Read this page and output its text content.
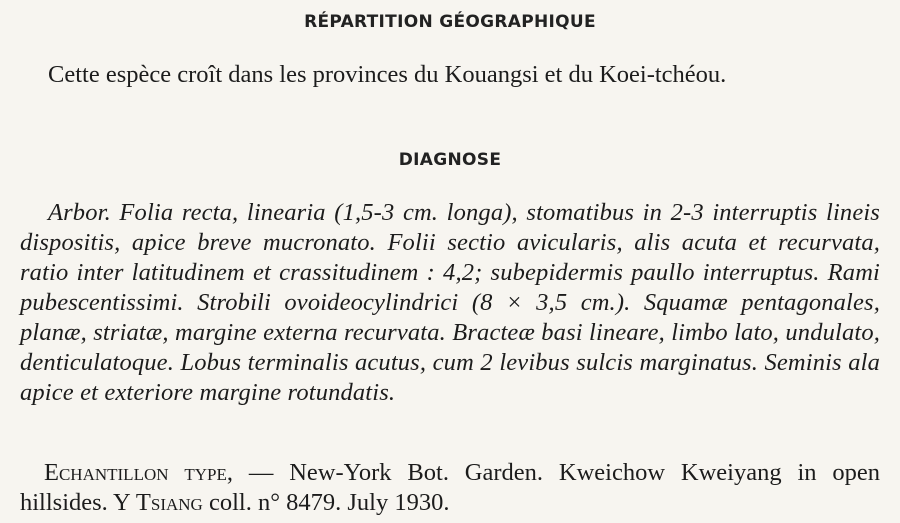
RÉPARTITION GÉOGRAPHIQUE
Cette espèce croît dans les provinces du Kouangsi et du Koei-tchéou.
DIAGNOSE
Arbor. Folia recta, linearia (1,5-3 cm. longa), stomatibus in 2-3 interruptis lineis dispositis, apice breve mucronato. Folii sectio avicularis, alis acuta et recurvata, ratio inter latitudinem et crassitudinem : 4,2; subepidermis paullo interruptus. Rami pubescentissimi. Strobili ovoideocylindrici (8 × 3,5 cm.). Squamæ pentagonales, planæ, striatæ, margine externa recurvata. Bracteæ basi lineare, limbo lato, undulato, denticulatoque. Lobus terminalis acutus, cum 2 levibus sulcis marginatus. Seminis ala apice et exteriore margine rotundatis.
Echantillon type, — New-York Bot. Garden. Kweichow Kweiyang in open hillsides. Y Tsiang coll. n° 8479. July 1930.
